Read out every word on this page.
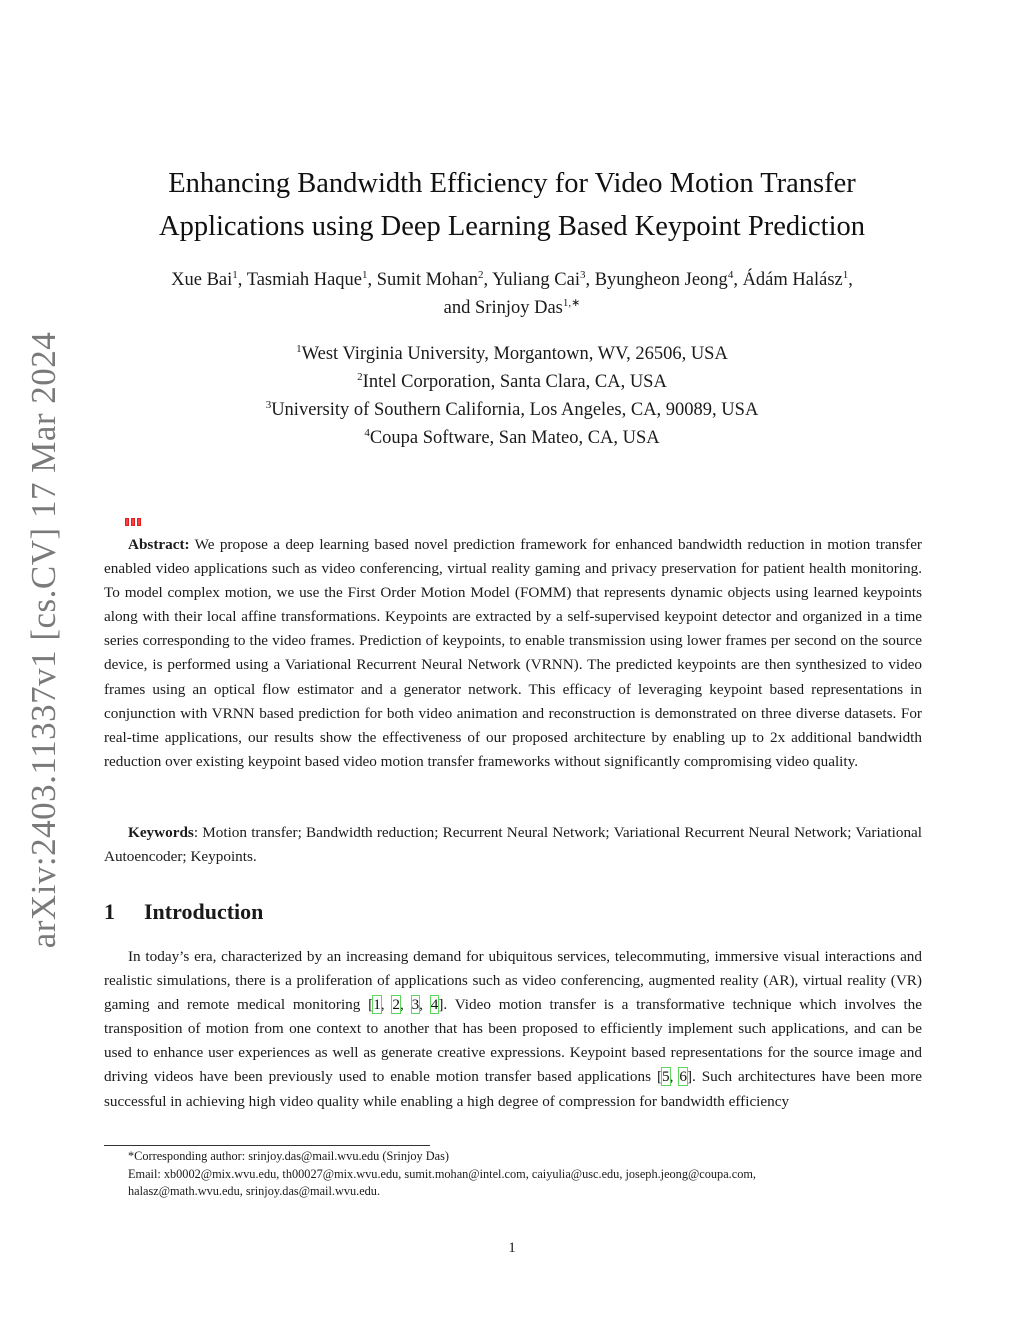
arXiv:2403.11337v1 [cs.CV] 17 Mar 2024
Enhancing Bandwidth Efficiency for Video Motion Transfer
Applications using Deep Learning Based Keypoint Prediction
Xue Bai$^1$, Tasmiah Haque$^1$, Sumit Mohan$^2$, Yuliang Cai$^3$, Byungheon Jeong$^4$, Ádám Halász$^1$,
and Srinjoy Das$^{1,∗}$
$^1$West Virginia University, Morgantown, WV, 26506, USA
$^2$Intel Corporation, Santa Clara, CA, USA
$^3$University of Southern California, Los Angeles, CA, 90089, USA
$^4$Coupa Software, San Mateo, CA, USA

Abstract: We propose a deep learning based novel prediction framework for enhanced bandwidth reduction in motion transfer enabled video applications such as video conferencing, virtual reality gaming and privacy preservation for patient health monitoring. To model complex motion, we use the First Order Motion Model (FOMM) that represents dynamic objects using learned keypoints along with their local affine transformations. Keypoints are extracted by a self-supervised keypoint detector and organized in a time series corresponding to the video frames. Prediction of keypoints, to enable transmission using lower frames per second on the source device, is performed using a Variational Recurrent Neural Network (VRNN). The predicted keypoints are then synthesized to video frames using an optical flow estimator and a generator network. This efficacy of leveraging keypoint based representations in conjunction with VRNN based prediction for both video animation and reconstruction is demonstrated on three diverse datasets. For real-time applications, our results show the effectiveness of our proposed architecture by enabling up to 2x additional bandwidth reduction over existing keypoint based video motion transfer frameworks without significantly compromising video quality.

Keywords: Motion transfer; Bandwidth reduction; Recurrent Neural Network; Variational Recurrent Neural Network; Variational Autoencoder; Keypoints.

1 Introduction

In today’s era, characterized by an increasing demand for ubiquitous services, telecommuting, immersive visual interactions and realistic simulations, there is a proliferation of applications such as video conferencing, augmented reality (AR), virtual reality (VR) gaming and remote medical monitoring [1, 2, 3, 4]. Video motion transfer is a transformative technique which involves the transposition of motion from one context to another that has been proposed to efficiently implement such applications, and can be used to enhance user experiences as well as generate creative expressions. Keypoint based representations for the source image and driving videos have been previously used to enable motion transfer based applications [5, 6]. Such architectures have been more successful in achieving high video quality while enabling a high degree of compression for bandwidth efficiency

*Corresponding author: srinjoy.das@mail.wvu.edu (Srinjoy Das)
Email: xb0002@mix.wvu.edu, th00027@mix.wvu.edu, sumit.mohan@intel.com, caiyulia@usc.edu, joseph.jeong@coupa.com,
halasz@math.wvu.edu, srinjoy.das@mail.wvu.edu.
1
